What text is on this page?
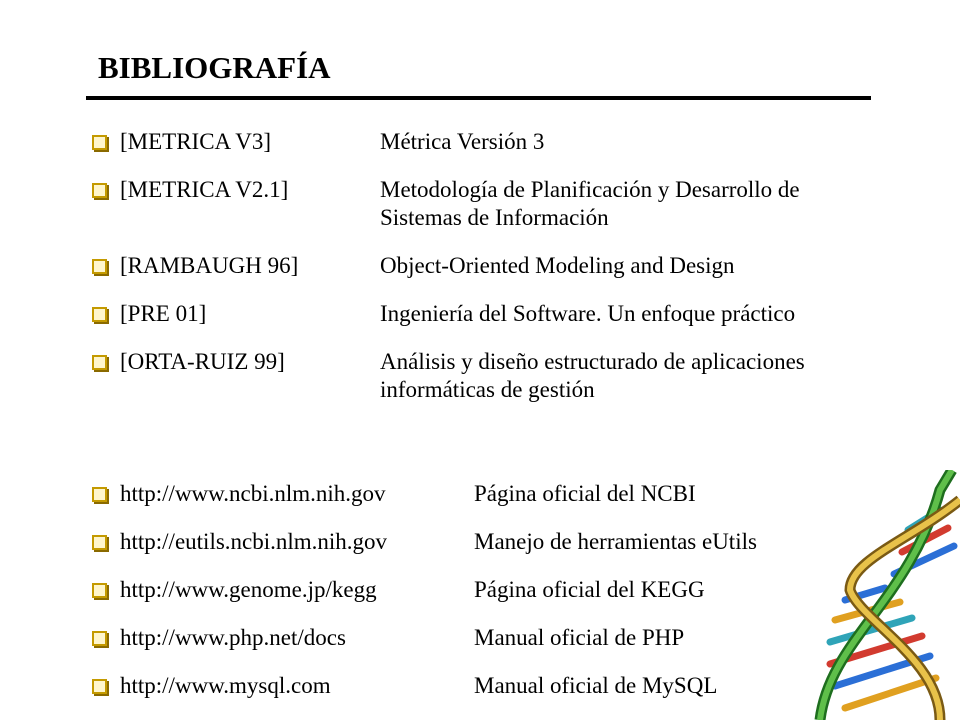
BIBLIOGRAFÍA
[METRICA V3]	Métrica Versión 3
[METRICA V2.1]	Metodología de Planificación y Desarrollo de
Sistemas de Información
[RAMBAUGH 96]	Object-Oriented Modeling and Design
[PRE 01]	Ingeniería del Software. Un enfoque práctico
[ORTA-RUIZ 99]	Análisis y diseño estructurado de aplicaciones
informáticas de gestión
http://www.ncbi.nlm.nih.gov	Página oficial del NCBI
http://eutils.ncbi.nlm.nih.gov	Manejo de herramientas eUtils
http://www.genome.jp/kegg	Página oficial del KEGG
http://www.php.net/docs	Manual oficial de PHP
http://www.mysql.com	Manual oficial de MySQL
